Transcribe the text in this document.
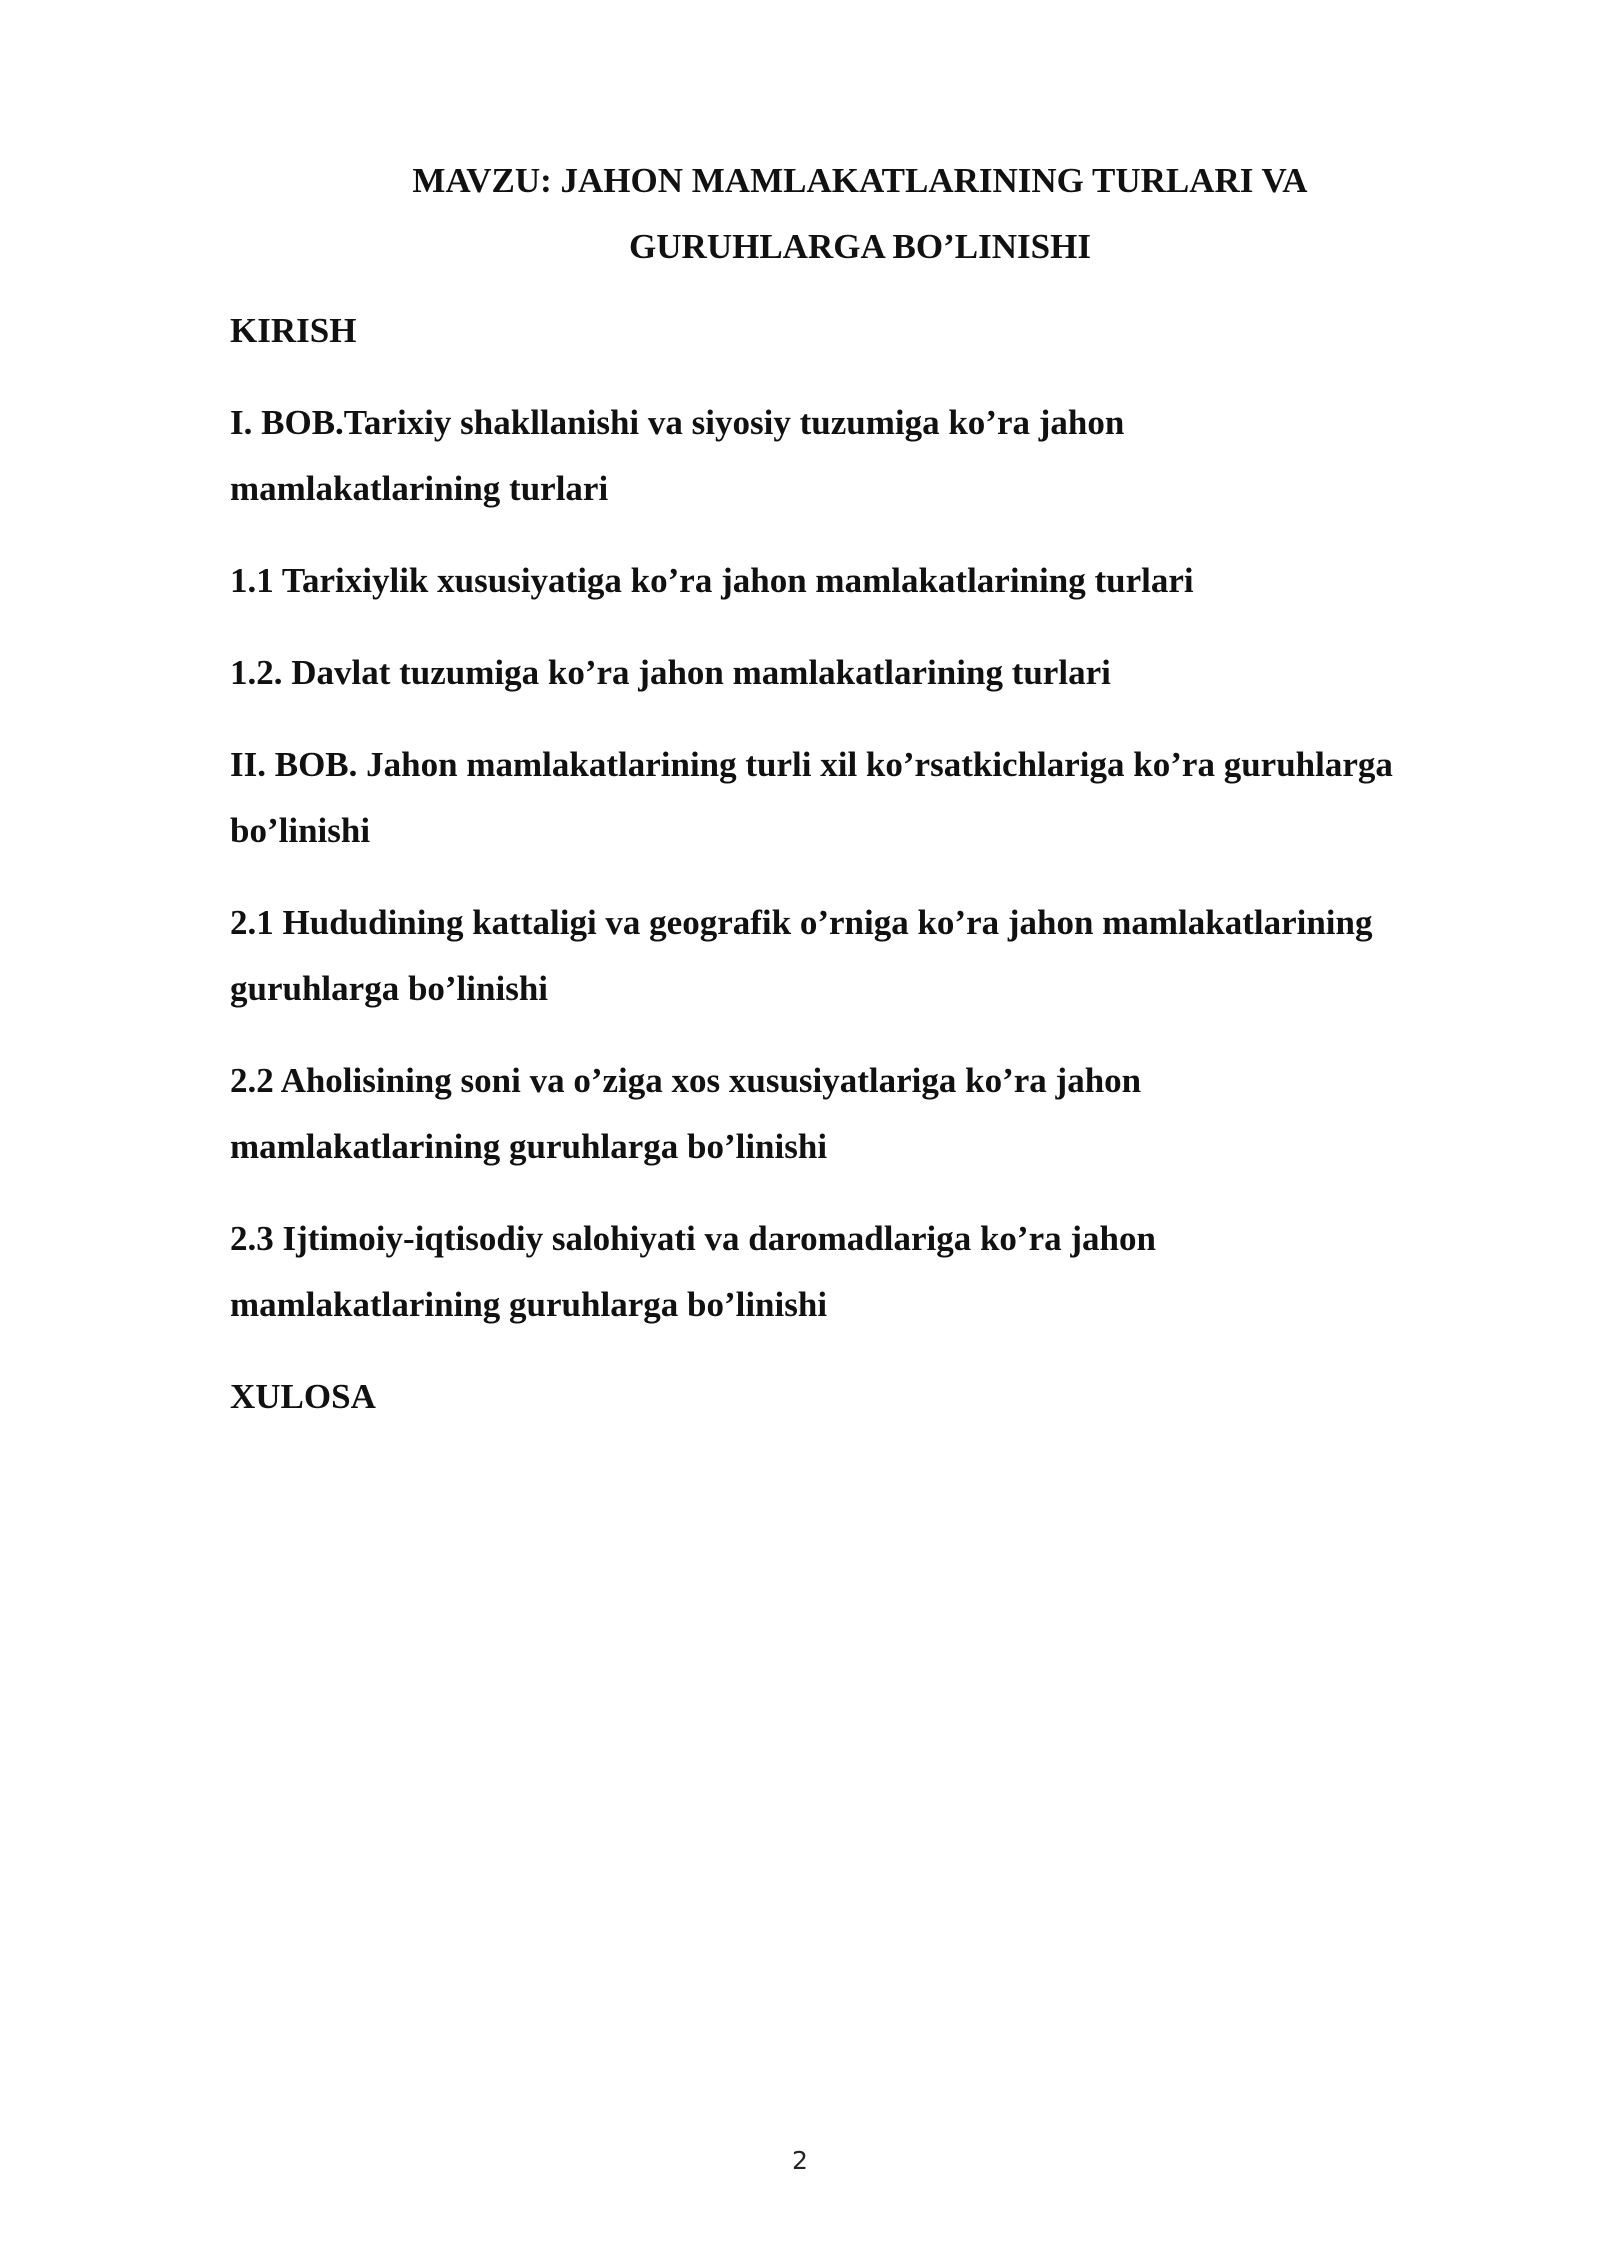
MAVZU: JAHON MAMLAKATLARINING TURLARI VA
GURUHLARGA BO’LINISHI
KIRISH
I. BOB.Tarixiy shakllanishi va siyosiy tuzumiga ko’ra jahon
mamlakatlarining turlari
1.1 Tarixiylik xususiyatiga ko’ra jahon mamlakatlarining turlari
1.2. Davlat tuzumiga ko’ra jahon mamlakatlarining turlari
II. BOB. Jahon mamlakatlarining turli xil ko’rsatkichlariga ko’ra guruhlarga
bo’linishi
2.1 Hududining kattaligi va geografik o’rniga ko’ra jahon mamlakatlarining
guruhlarga bo’linishi
2.2 Aholisining soni va o’ziga xos xususiyatlariga ko’ra jahon
mamlakatlarining guruhlarga bo’linishi
2.3 Ijtimoiy-iqtisodiy salohiyati va daromadlariga ko’ra jahon
mamlakatlarining guruhlarga bo’linishi
XULOSA
2
